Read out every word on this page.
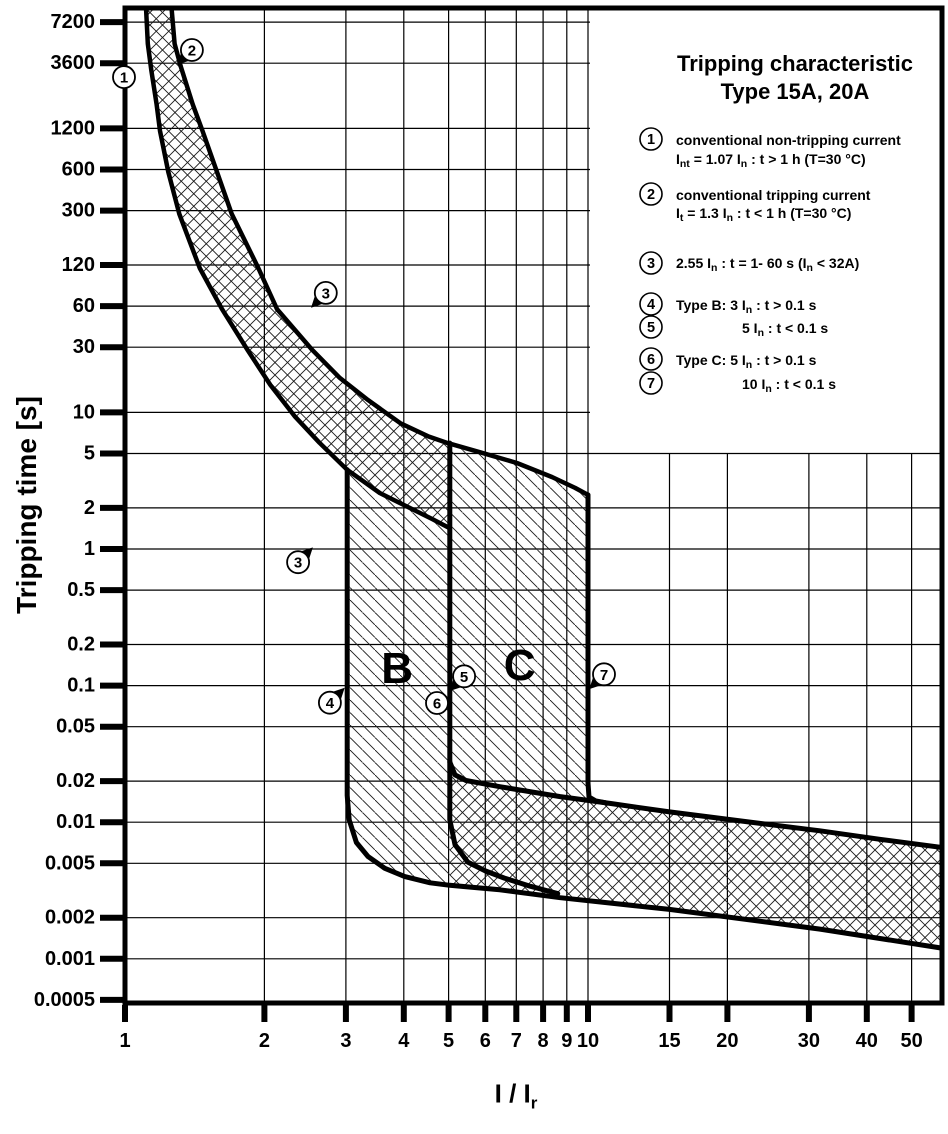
7200
3600
1200
600
300
120
60
30
10
5
2
1
0.5
0.2
0.1
0.05
0.02
0.01
0.005
0.002
0.001
0.0005
1	2	3 4 5 6 7 8 9 10	15 20	30 40 50
B C
1
2
3
3
4
5
6
7
1 conventional non-tripping current
$I_{nt} = 1.07$ $I_n$ : t > 1 h (T=30 °C)
2 conventional tripping current
$I_t = 1.3$ $I_n$ : t < 1 h (T=30 °C)
3 2.55 $I_n$ : t = 1- 60 s $(I_n < 32A)$
4 Type B: 3 $I_n$ : t > 0.1 s
5	5 $I_n$ : t < 0.1 s
6 Type C: 5 $I_n$ : t > 0.1 s
7	10 $I_n$ : t < 0.1 s
Tripping time [s]
I / $I_r$
Tripping characteristic
Type 15A, 20A
